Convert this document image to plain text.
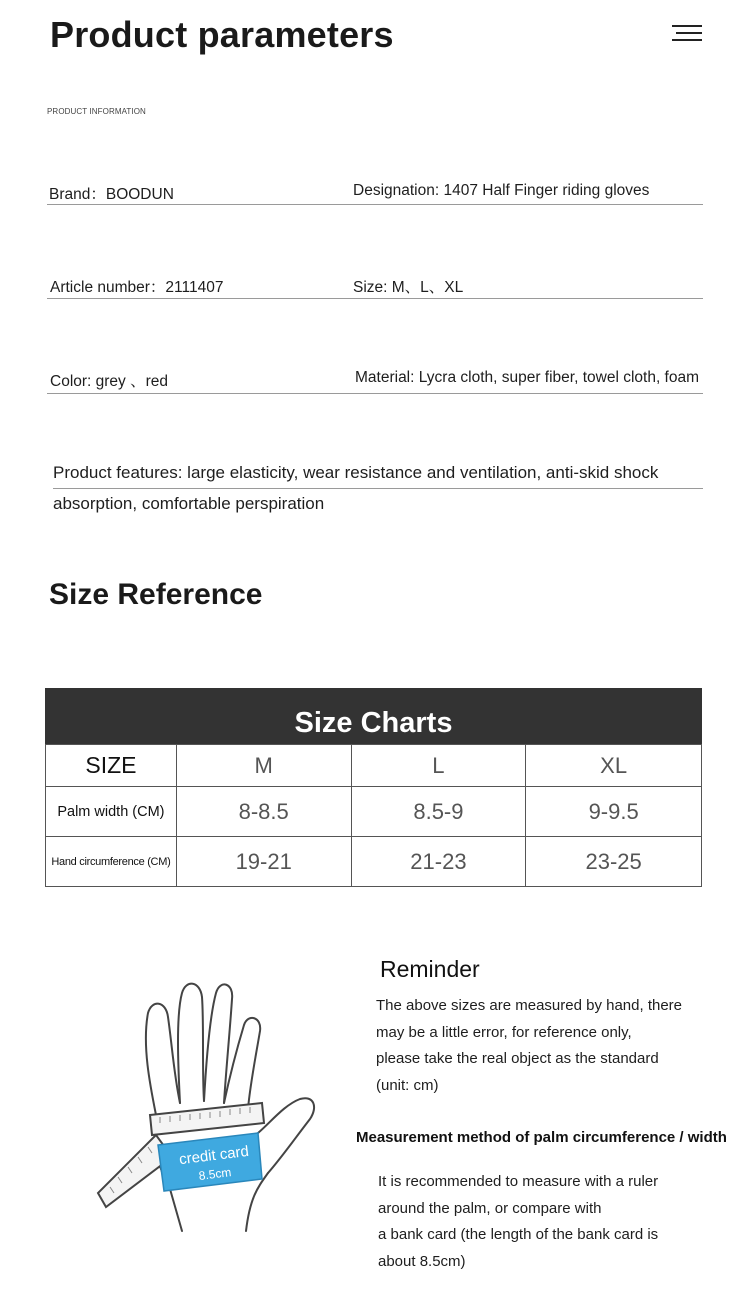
Product parameters
PRODUCT INFORMATION
Brand：BOODUN	Designation: 1407 Half Finger riding gloves
Article number：2111407	Size: M、L、XL
Color: grey 、red	Material: Lycra cloth, super fiber, towel cloth, foam
Product features: large elasticity, wear resistance and ventilation, anti-skid shock absorption, comfortable perspiration
Size Reference
Size Charts
SIZE	M	L	XL
Palm width (CM)	8-8.5	8.5-9	9-9.5
Hand circumference (CM)	19-21	21-23	23-25
credit card
8.5cm
Reminder
The above sizes are measured by hand, there
may be a little error, for reference only,
please take the real object as the standard
(unit: cm)
Measurement method of palm circumference / width
It is recommended to measure with a ruler
around the palm, or compare with
a bank card (the length of the bank card is
about 8.5cm)
